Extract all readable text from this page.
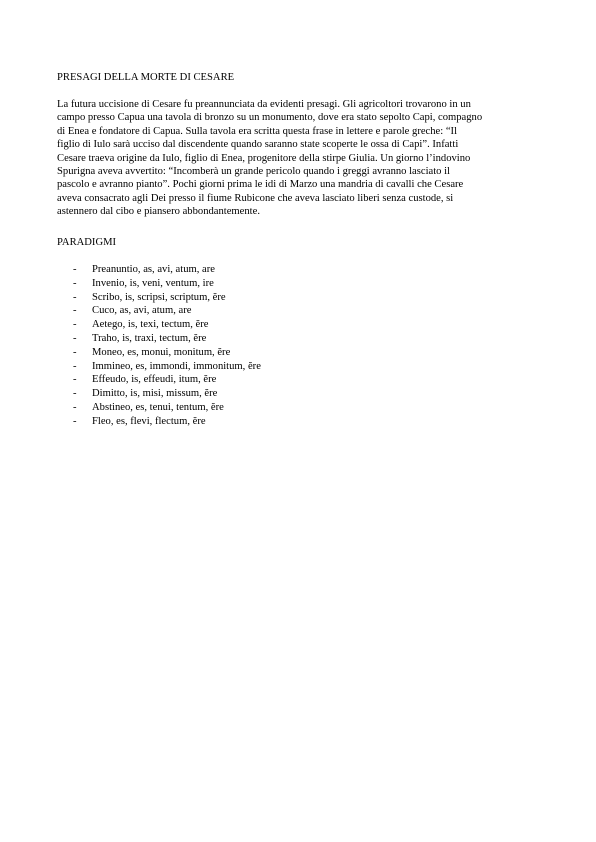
PRESAGI DELLA MORTE DI CESARE

La futura uccisione di Cesare fu preannunciata da evidenti presagi. Gli agricoltori trovarono in un
campo presso Capua una tavola di bronzo su un monumento, dove era stato sepolto Capi, compagno
di Enea e fondatore di Capua. Sulla tavola era scritta questa frase in lettere e parole greche: “Il
figlio di Iulo sarà ucciso dal discendente quando saranno state scoperte le ossa di Capi”. Infatti
Cesare traeva origine da Iulo, figlio di Enea, progenitore della stirpe Giulia. Un giorno l’indovino
Spurigna aveva avvertito: “Incomberà un grande pericolo quando i greggi avranno lasciato il
pascolo e avranno pianto”. Pochi giorni prima le idi di Marzo una mandria di cavalli che Cesare
aveva consacrato agli Dei presso il fiume Rubicone che aveva lasciato liberi senza custode, si
astennero dal cibo e piansero abbondantemente.

PARADIGMI
-	Preanuntio, as, avi, atum, are
-	Invenio, is, veni, ventum, ire
-	Scribo, is, scripsi, scriptum, ĕre
-	Cuco, as, avi, atum, are
-	Aetego, is, texi, tectum, ĕre
-	Traho, is, traxi, tectum, ĕre
-	Moneo, es, monui, monitum, ĕre
-	Immineo, es, immondi, immonitum, ĕre
-	Effeudo, is, effeudi, itum, ĕre
-	Dimitto, is, misi, missum, ĕre
-	Abstineo, es, tenui, tentum, ĕre
-	Fleo, es, flevi, flectum, ĕre
